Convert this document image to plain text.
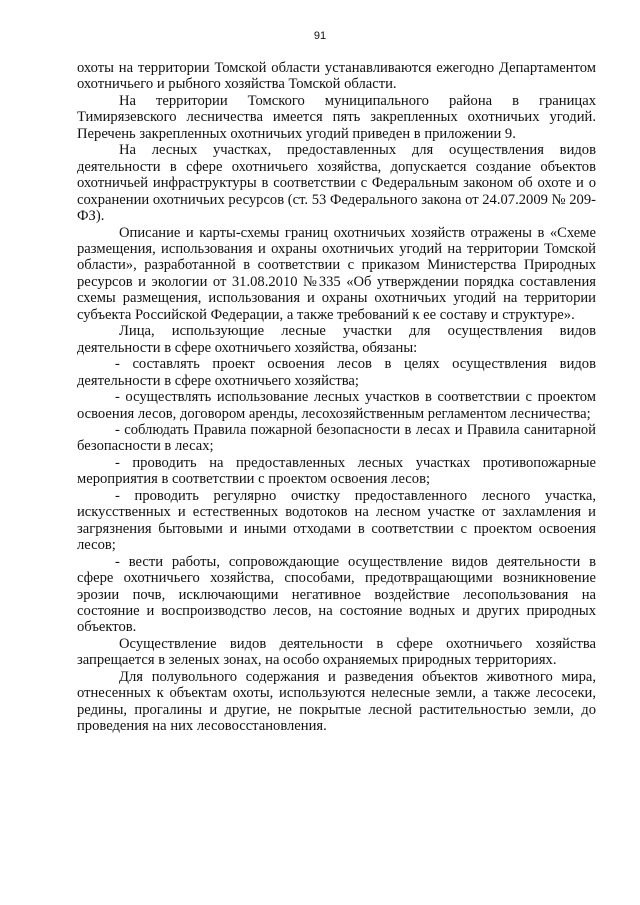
91

охоты на территории Томской области устанавливаются ежегодно Департаментом охотничьего и рыбного хозяйства Томской области.

На территории Томского муниципального района в границах Тимирязевского лесничества имеется пять закрепленных охотничьих угодий. Перечень закрепленных охотничьих угодий приведен в приложении 9.

На лесных участках, предоставленных для осуществления видов деятельности в сфере охотничьего хозяйства, допускается создание объектов охотничьей инфраструктуры в соответствии с Федеральным законом об охоте и о сохранении охотничьих ресурсов (ст. 53 Федерального закона от 24.07.2009 № 209-ФЗ).

Описание и карты-схемы границ охотничьих хозяйств отражены в «Схеме размещения, использования и охраны охотничьих угодий на территории Томской области», разработанной в соответствии с приказом Министерства Природных ресурсов и экологии от 31.08.2010 №335 «Об утверждении порядка составления схемы размещения, использования и охраны охотничьих угодий на территории субъекта Российской Федерации, а также требований к ее составу и структуре».

Лица, использующие лесные участки для осуществления видов деятельности в сфере охотничьего хозяйства, обязаны:

- составлять проект освоения лесов в целях осуществления видов деятельности в сфере охотничьего хозяйства;

- осуществлять использование лесных участков в соответствии с проектом освоения лесов, договором аренды, лесохозяйственным регламентом лесничества;

- соблюдать Правила пожарной безопасности в лесах и Правила санитарной безопасности в лесах;

- проводить на предоставленных лесных участках противопожарные мероприятия в соответствии с проектом освоения лесов;

- проводить регулярно очистку предоставленного лесного участка, искусственных и естественных водотоков на лесном участке от захламления и загрязнения бытовыми и иными отходами в соответствии с проектом освоения лесов;

- вести работы, сопровождающие осуществление видов деятельности в сфере охотничьего хозяйства, способами, предотвращающими возникновение эрозии почв, исключающими негативное воздействие лесопользования на состояние и воспроизводство лесов, на состояние водных и других природных объектов.

Осуществление видов деятельности в сфере охотничьего хозяйства запрещается в зеленых зонах, на особо охраняемых природных территориях.

Для полувольного содержания и разведения объектов животного мира, отнесенных к объектам охоты, используются нелесные земли, а также лесосеки, редины, прогалины и другие, не покрытые лесной растительностью земли, до проведения на них лесовосстановления.
